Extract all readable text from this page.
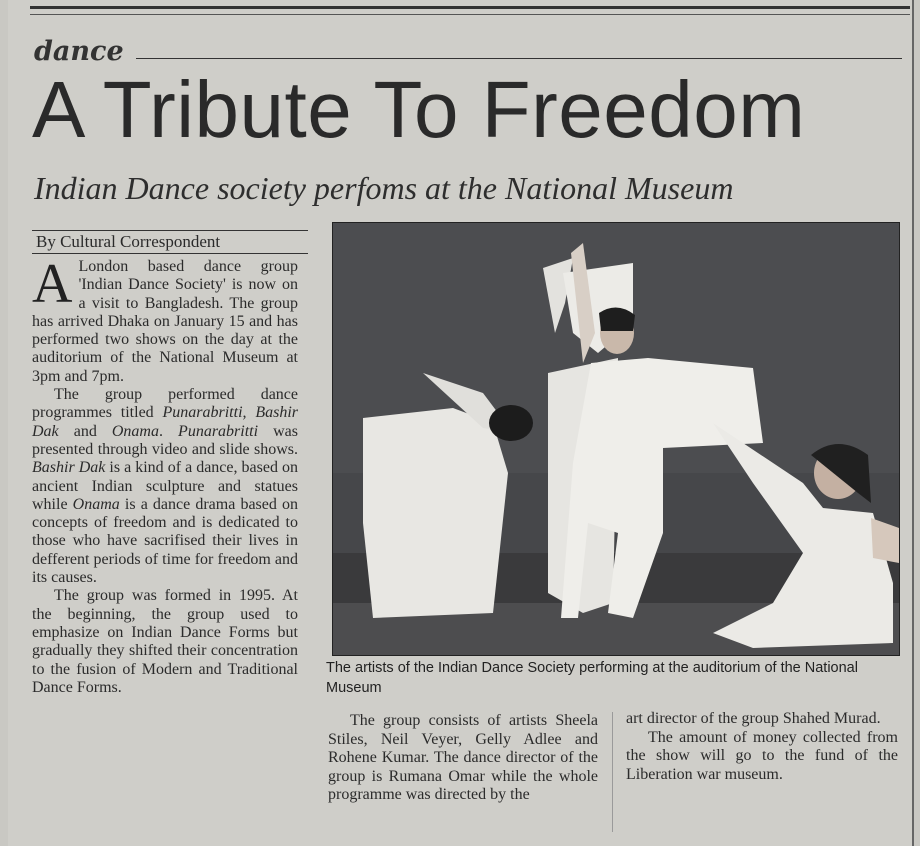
dance
A Tribute To Freedom
Indian Dance society perfoms at the National Museum
By Cultural Correspondent

A London based dance group 'Indian Dance Society' is now on a visit to Bangladesh. The group has arrived Dhaka on January 15 and has performed two shows on the day at the auditorium of the National Museum at 3pm and 7pm.

The group performed dance programmes titled Punarabritti, Bashir Dak and Onama. Punarabritti was presented through video and slide shows. Bashir Dak is a kind of a dance, based on ancient Indian sculpture and statues while Onama is a dance drama based on concepts of freedom and is dedicated to those who have sacrifised their lives in defferent periods of time for freedom and its causes.

The group was formed in 1995. At the beginning, the group used to emphasize on Indian Dance Forms but gradually they shifted their concentration to the fusion of Modern and Traditional Dance Forms.

The artists of the Indian Dance Society performing at the auditorium of the National Museum

The group consists of artists Sheela Stiles, Neil Veyer, Gelly Adlee and Rohene Kumar. The dance director of the group is Rumana Omar while the whole programme was directed by the

art director of the group Shahed Murad.

The amount of money collected from the show will go to the fund of the Liberation war museum.
